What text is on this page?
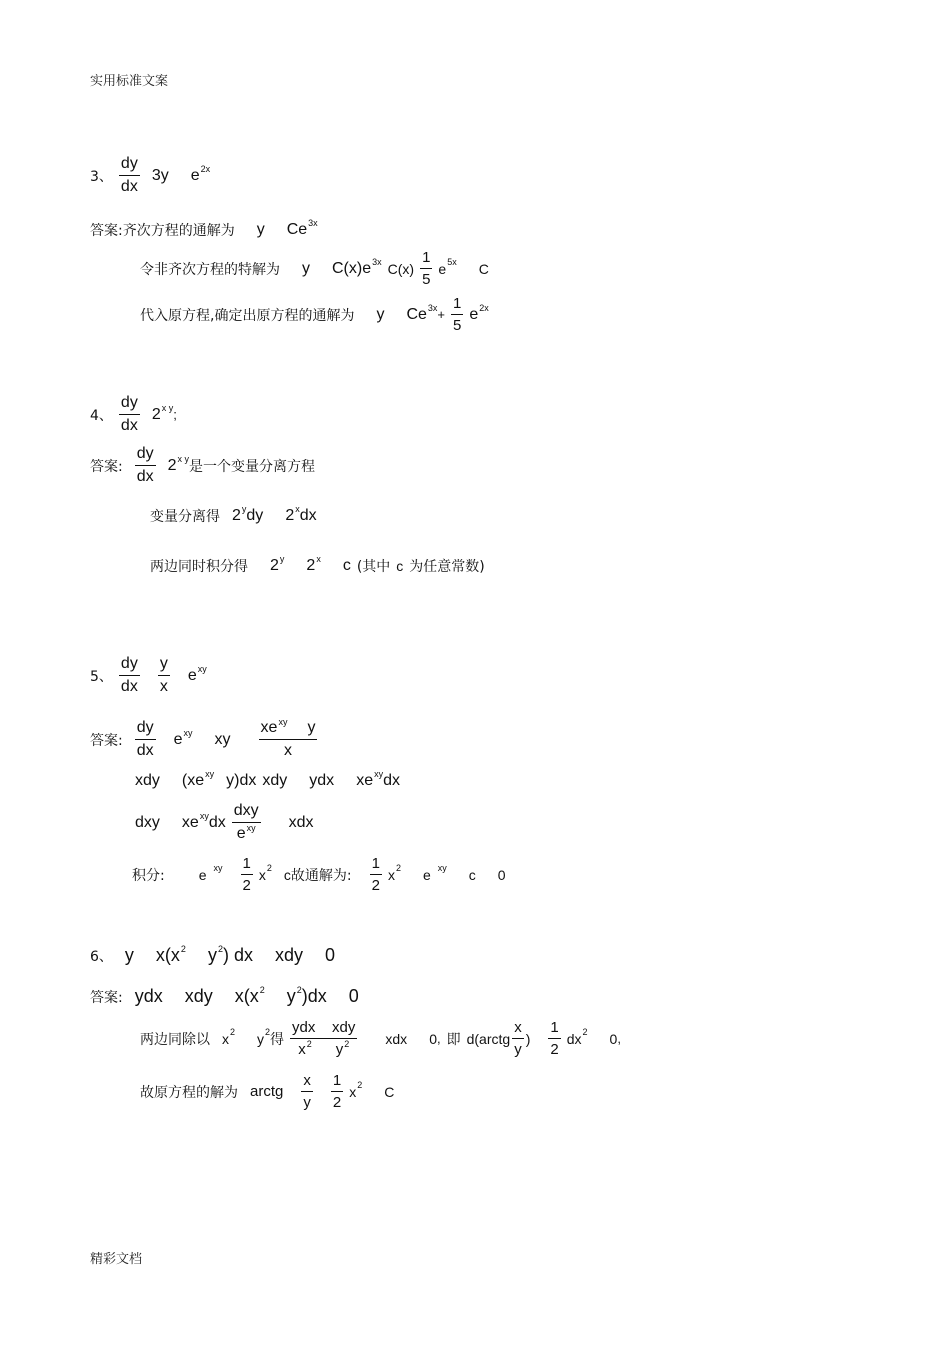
实用标准文案
3、 $\frac{dy}{dx} 3y$ $e^{2x}$
答案: 齐次方程的通解为 y $Ce^{3x}$
令非齐次方程的特解为 y $C(x)e^{3x}$ $C(x) \frac{1}{5} e^{5x}$ C
代入原方程,确定出原方程的通解为 y $Ce^{3x} + \frac{1}{5} e^{2x}$
4、 $\frac{dy}{dx} 2^{x y}$ ;
答案: $\frac{dy}{dx} 2^{x y}$ 是一个变量分离方程
变量分离得 2$^y$ dy 2$^x$ dx
两边同时积分得 2$^y$ 2$^x$ c (其中 c 为任意常数)
5、 $\frac{dy}{dx} \frac{y}{x} e^{xy}$
答案: $\frac{dy}{dx} e^{xy}$ xy $\frac{xe^{xy} y}{x}$
xdy ($xe^{xy}$ y)dx xdy ydx $xe^{xy}$ dx
dxy $xe^{xy}$ dx $\frac{\text{dxy}}{e^{xy}}$ xdx
积分: e $^{xy} \frac{1}{2} x^2$ c 故通解为: $\frac{1}{2} x^2$ e $^{xy}$ c 0
6、 y $x(x^2$ $y^2$ ) dx xdy 0
答案: ydx xdy $x(x^2$ $y^2$ )dx 0
两边同除以 $x^2$ $y^2$ 得 $\frac{\text{ydx    xdy}}{x^2 y^2}$ xdx 0 , 即 d(arctg $\frac{x}{y}$ ) $\frac{1}{2} dx^2$ 0 ,
故原方程的解为 arctg $\frac{x}{y} \frac{1}{2} x^2$ C
精彩文档
